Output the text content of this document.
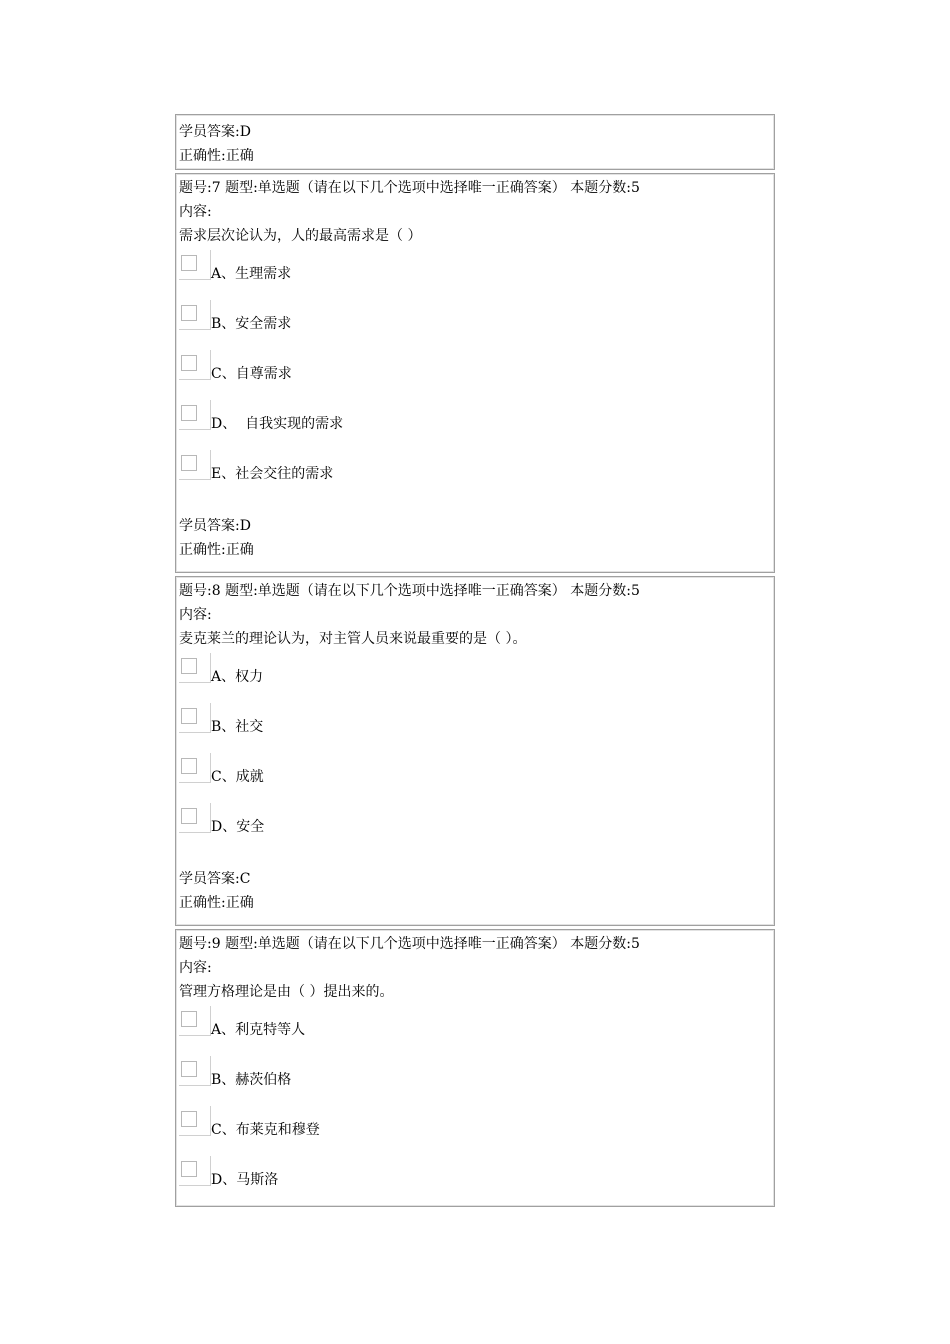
学员答案:D
正确性:正确
题号:7 题型:单选题（请在以下几个选项中选择唯一正确答案） 本题分数:5
内容:
需求层次论认为，人的最高需求是（ ）
A、生理需求
B、安全需求
C、自尊需求
D、  自我实现的需求
E、社会交往的需求
学员答案:D
正确性:正确
题号:8 题型:单选题（请在以下几个选项中选择唯一正确答案） 本题分数:5
内容:
麦克莱兰的理论认为，对主管人员来说最重要的是（ ）。
A、权力
B、社交
C、成就
D、安全
学员答案:C
正确性:正确
题号:9 题型:单选题（请在以下几个选项中选择唯一正确答案） 本题分数:5
内容:
管理方格理论是由（ ）提出来的。
A、利克特等人
B、赫茨伯格
C、布莱克和穆登
D、马斯洛
